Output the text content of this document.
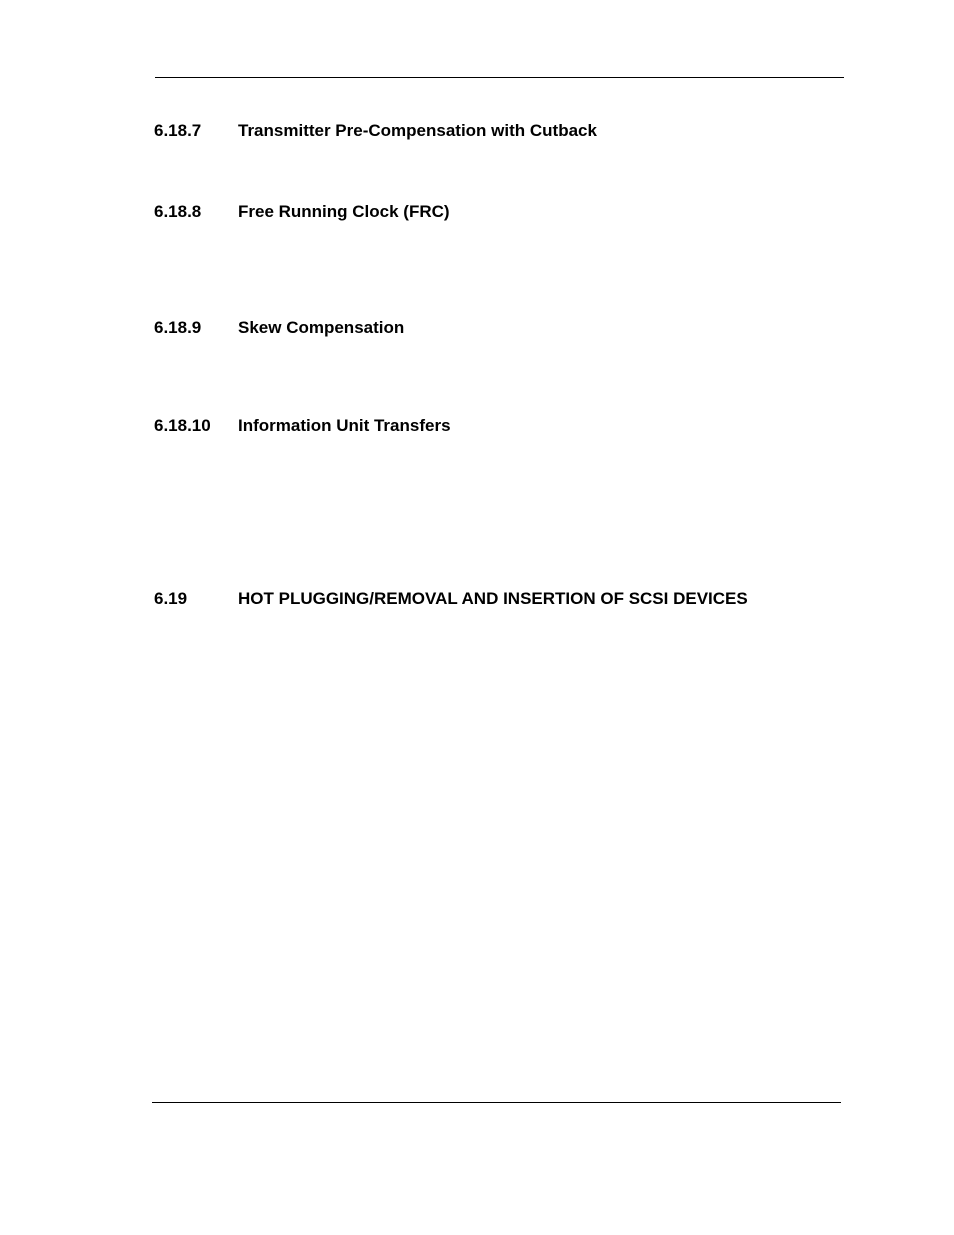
6.18.7 Transmitter Pre-Compensation with Cutback
6.18.8 Free Running Clock (FRC)
6.18.9 Skew Compensation
6.18.10 Information Unit Transfers
6.19	HOT PLUGGING/REMOVAL AND INSERTION OF SCSI DEVICES
